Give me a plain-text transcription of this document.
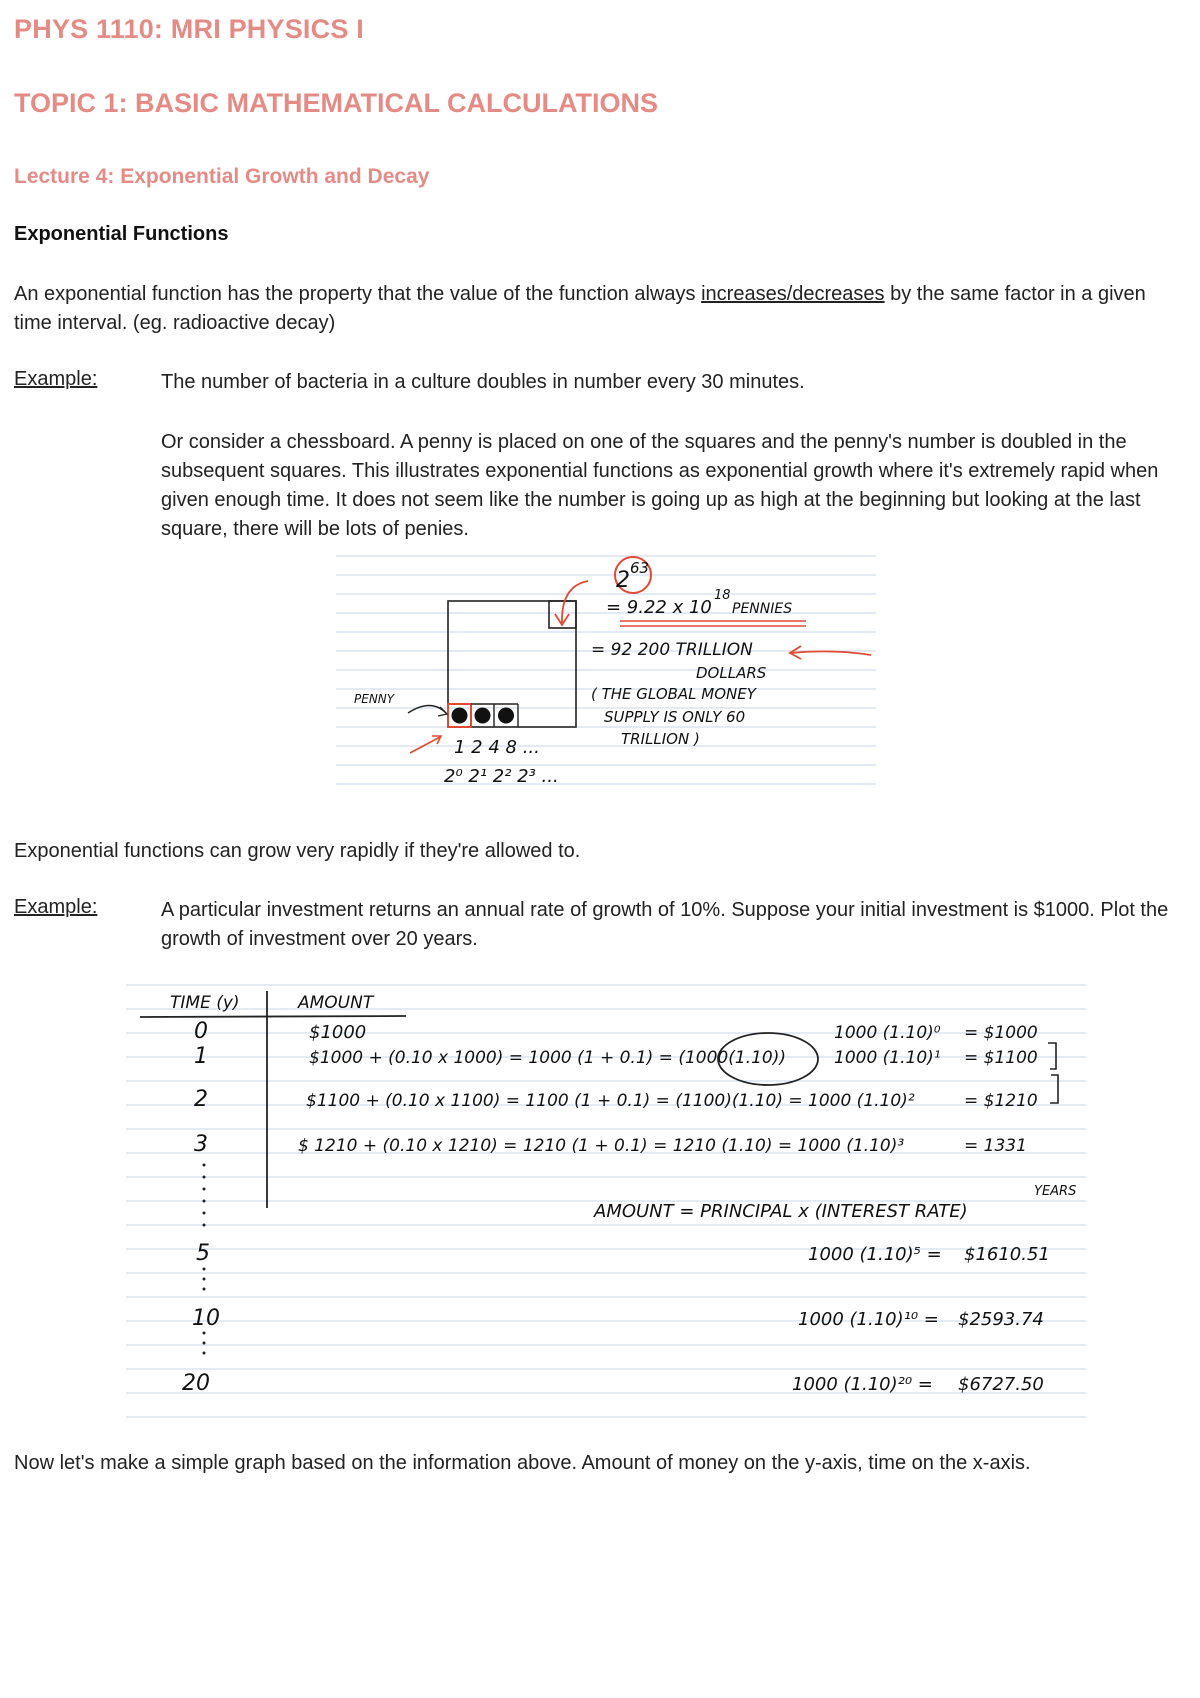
PHYS 1110: MRI PHYSICS I
TOPIC 1: BASIC MATHEMATICAL CALCULATIONS
Lecture 4: Exponential Growth and Decay
Exponential Functions
An exponential function has the property that the value of the function always increases/decreases by the same factor in a given time interval. (eg. radioactive decay)
Example:	The number of bacteria in a culture doubles in number every 30 minutes.
Or consider a chessboard. A penny is placed on one of the squares and the penny's number is doubled in the subsequent squares. This illustrates exponential functions as exponential growth where it's extremely rapid when given enough time. It does not seem like the number is going up as high at the beginning but looking at the last square, there will be lots of penies.
PENNY
2 63
= 9.22 x 10
18
PENNIES
= 92 200 TRILLION
DOLLARS
( THE GLOBAL MONEY
SUPPLY IS ONLY 60
TRILLION )
1 2 4 8 ...
2⁰ 2¹ 2² 2³ ...
Exponential functions can grow very rapidly if they're allowed to.
Example:	A particular investment returns an annual rate of growth of 10%. Suppose your initial investment is $1000. Plot the growth of investment over 20 years.
TIME (y)	AMOUNT
0	$1000	1000 (1.10)⁰ = $1000
1	$1000 + (0.10 x 1000) = 1000 (1 + 0.1) = (1000(1.10))	1000 (1.10)¹ = $1100
2	$1100 + (0.10 x 1100) = 1100 (1 + 0.1) = (1100)(1.10) = 1000 (1.10)²	= $1210
3	$ 1210 + (0.10 x 1210) = 1210 (1 + 0.1) = 1210 (1.10) = 1000 (1.10)³	= 1331
AMOUNT = PRINCIPAL x (INTEREST RATE)
YEARS
5	1000 (1.10)⁵ = $1610.51
10	1000 (1.10)¹⁰ = $2593.74
20	1000 (1.10)²⁰ = $6727.50
Now let's make a simple graph based on the information above. Amount of money on the y-axis, time on the x-axis.
